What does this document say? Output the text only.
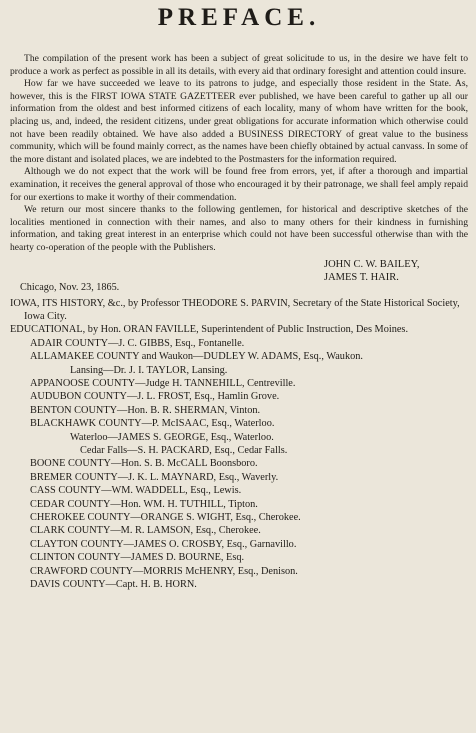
PREFACE.

The compilation of the present work has been a subject of great solicitude to us, in the desire we have felt to produce a work as perfect as possible in all its details, with every aid that ordinary foresight and attention could insure.

How far we have succeeded we leave to its patrons to judge, and especially those resident in the State. As, however, this is the FIRST IOWA STATE GAZETTEER ever published, we have been careful to gather up all our information from the oldest and best informed citizens of each locality, many of whom have written for the book, placing us, and, indeed, the resident citizens, under great obligations for accurate information which otherwise could not have been readily obtained. We have also added a BUSINESS DIRECTORY of great value to the business community, which will be found mainly correct, as the names have been chiefly obtained by actual canvass. In some of the more distant and isolated places, we are indebted to the Postmasters for the information required.

Although we do not expect that the work will be found free from errors, yet, if after a thorough and impartial examination, it receives the general approval of those who encouraged it by their patronage, we shall feel amply repaid for our exertions to make it worthy of their commendation.

We return our most sincere thanks to the following gentlemen, for historical and descriptive sketches of the localities mentioned in connection with their names, and also to many others for their kindness in furnishing information, and taking great interest in an enterprise which could not have been successful otherwise than with the hearty co-operation of the people with the Publishers.

JOHN C. W. BAILEY,
JAMES T. HAIR.
Chicago, Nov. 23, 1865.

IOWA, ITS HISTORY, &c., by Professor THEODORE S. PARVIN, Secretary of the State Historical Society, Iowa City.

EDUCATIONAL, by Hon. ORAN FAVILLE, Superintendent of Public Instruction, Des Moines.

ADAIR COUNTY—J. C. GIBBS, Esq., Fontanelle.

ALLAMAKEE COUNTY and Waukon—DUDLEY W. ADAMS, Esq., Waukon.

Lansing—Dr. J. I. TAYLOR, Lansing.

APPANOOSE COUNTY—Judge H. TANNEHILL, Centreville.

AUDUBON COUNTY—J. L. FROST, Esq., Hamlin Grove.

BENTON COUNTY—Hon. B. R. SHERMAN, Vinton.

BLACKHAWK COUNTY—P. McISAAC, Esq., Waterloo.

Waterloo—JAMES S. GEORGE, Esq., Waterloo.

Cedar Falls—S. H. PACKARD, Esq., Cedar Falls.

BOONE COUNTY—Hon. S. B. McCALL Boonsboro.

BREMER COUNTY—J. K. L. MAYNARD, Esq., Waverly.

CASS COUNTY—WM. WADDELL, Esq., Lewis.

CEDAR COUNTY—Hon. WM. H. TUTHILL, Tipton.

CHEROKEE COUNTY—ORANGE S. WIGHT, Esq., Cherokee.

CLARK COUNTY—M. R. LAMSON, Esq., Cherokee.

CLAYTON COUNTY—JAMES O. CROSBY, Esq., Garnavillo.

CLINTON COUNTY—JAMES D. BOURNE, Esq.

CRAWFORD COUNTY—MORRIS McHENRY, Esq., Denison.

DAVIS COUNTY—Capt. H. B. HORN.
